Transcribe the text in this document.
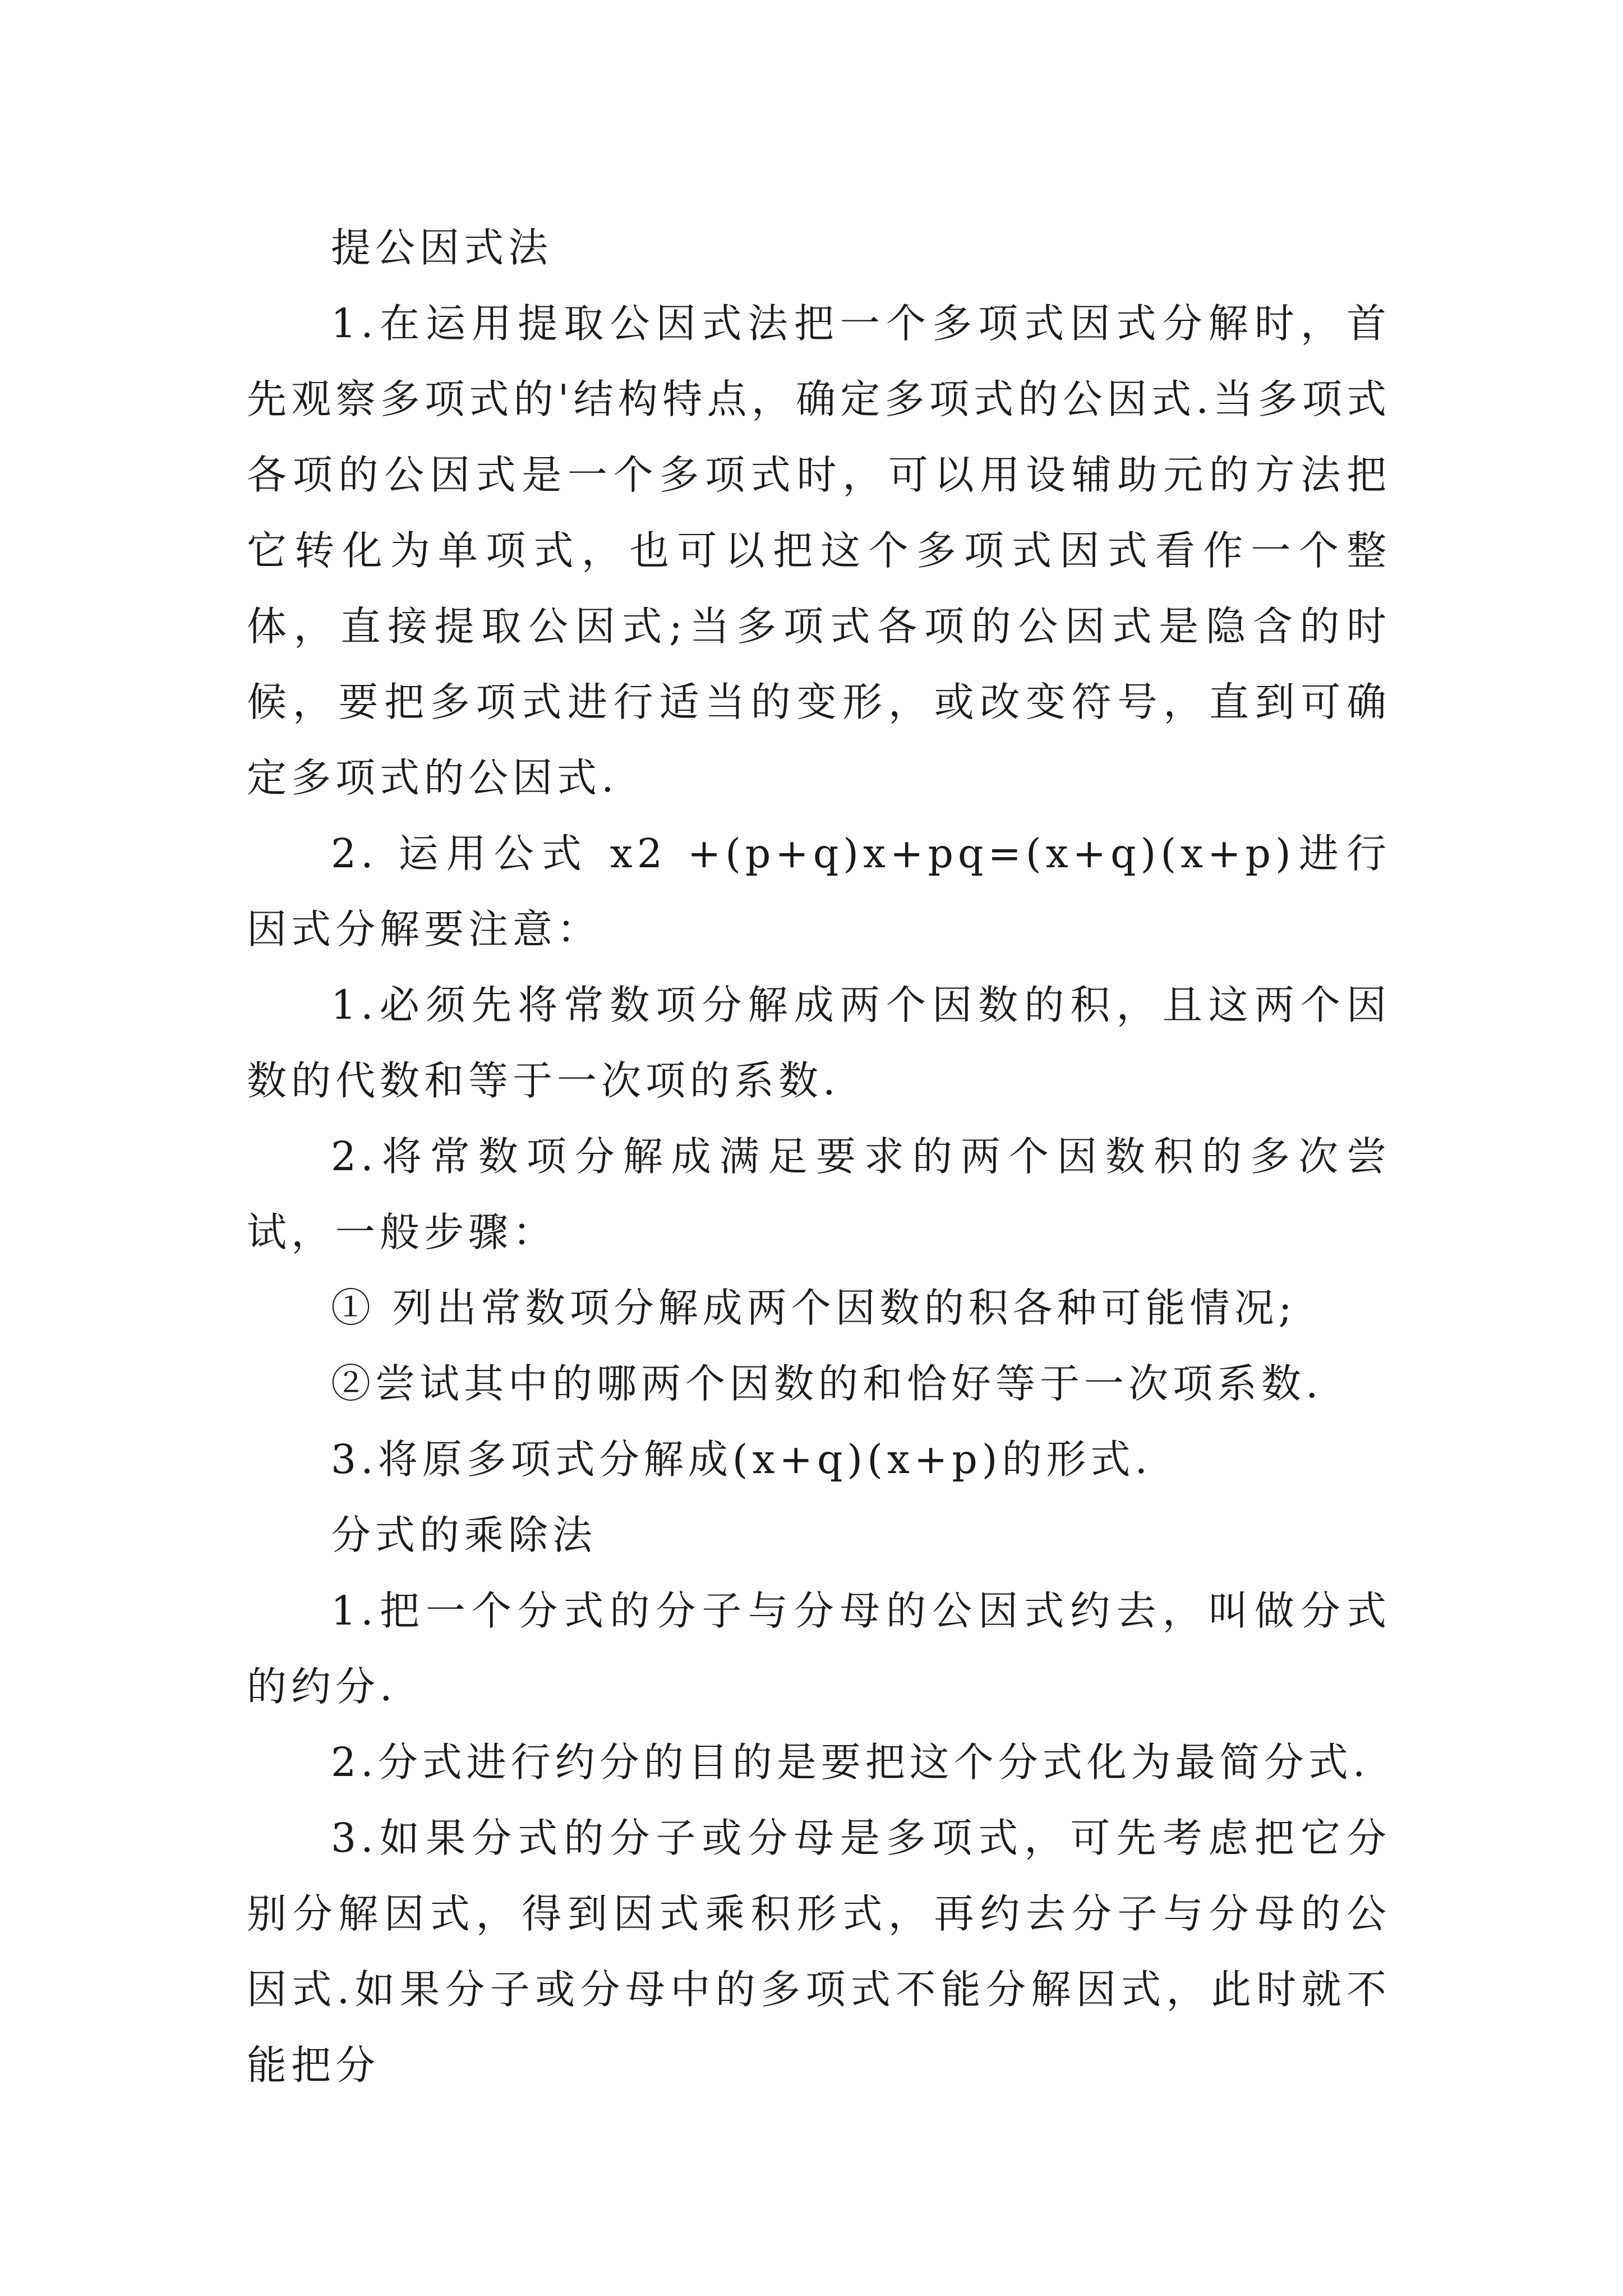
提公因式法

1.在运用提取公因式法把一个多项式因式分解时，首先观察多项式的'结构特点，确定多项式的公因式.当多项式各项的公因式是一个多项式时，可以用设辅助元的方法把它转化为单项式，也可以把这个多项式因式看作一个整体，直接提取公因式;当多项式各项的公因式是隐含的时候，要把多项式进行适当的变形，或改变符号，直到可确定多项式的公因式.

2. 运用公式 x2 +(p+q)x+pq=(x+q)(x+p)进行因式分解要注意：

1.必须先将常数项分解成两个因数的积，且这两个因数的代数和等于一次项的系数.

2.将常数项分解成满足要求的两个因数积的多次尝试，一般步骤：

① 列出常数项分解成两个因数的积各种可能情况;

②尝试其中的哪两个因数的和恰好等于一次项系数.

3.将原多项式分解成(x+q)(x+p)的形式.

分式的乘除法

1.把一个分式的分子与分母的公因式约去，叫做分式的约分.

2.分式进行约分的目的是要把这个分式化为最简分式.

3.如果分式的分子或分母是多项式，可先考虑把它分别分解因式，得到因式乘积形式，再约去分子与分母的公因式.如果分子或分母中的多项式不能分解因式，此时就不能把分
